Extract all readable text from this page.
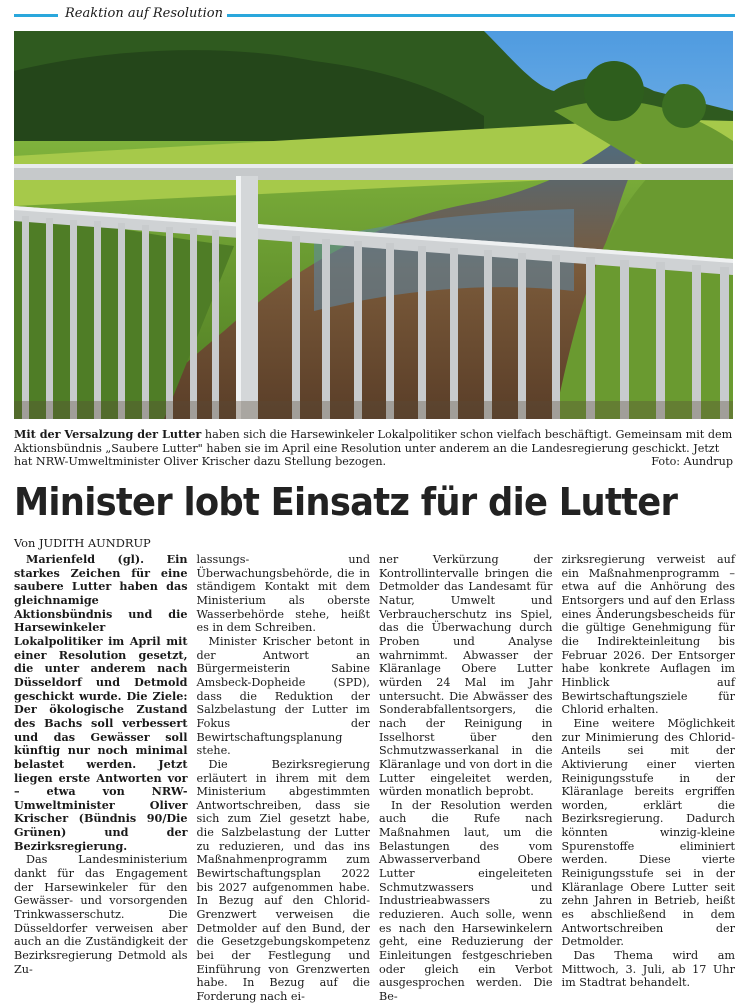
Reaktion auf Resolution
Mit der Versalzung der Lutter haben sich die Harsewinkeler Lokalpolitiker schon vielfach beschäftigt. Gemeinsam mit dem Aktionsbündnis „Saubere Lutter" haben sie im April eine Resolution unter anderem an die Landesregierung geschickt. Jetzt hat NRW-Umweltminister Oliver Krischer dazu Stellung bezogen.	Foto: Aundrup
Minister lobt Einsatz für die Lutter
Von JUDITH AUNDRUP

Marienfeld (gl). Ein starkes Zeichen für eine saubere Lutter haben das gleichnamige Aktionsbündnis und die Harsewinkeler Lokalpolitiker im April mit einer Resolution gesetzt, die unter anderem nach Düsseldorf und Detmold geschickt wurde. Die Ziele: Der ökologische Zustand des Bachs soll verbessert und das Gewässer soll künftig nur noch minimal belastet werden. Jetzt liegen erste Antworten vor – etwa von NRW-Umweltminister Oliver Krischer (Bündnis 90/Die Grünen) und der Bezirksregierung.

Das Landesministerium dankt für das Engagement der Harsewinkeler für den Gewässer- und vorsorgenden Trinkwasserschutz. Die Düsseldorfer verweisen aber auch an die Zuständigkeit der Bezirksregierung Detmold als Zu-

lassungs- und Überwachungsbehörde, die in ständigem Kontakt mit dem Ministerium als oberste Wasserbehörde stehe, heißt es in dem Schreiben.

Minister Krischer betont in der Antwort an Bürgermeisterin Sabine Amsbeck-Dopheide (SPD), dass die Reduktion der Salzbelastung der Lutter im Fokus der Bewirtschaftungsplanung stehe.

Die Bezirksregierung erläutert in ihrem mit dem Ministerium abgestimmten Antwortschreiben, dass sie sich zum Ziel gesetzt habe, die Salzbelastung der Lutter zu reduzieren, und das ins Maßnahmenprogramm zum Bewirtschaftungsplan 2022 bis 2027 aufgenommen habe. In Bezug auf den Chlorid-Grenzwert verweisen die Detmolder auf den Bund, der die Gesetzgebungskompetenz bei der Festlegung und Einführung von Grenzwerten habe. In Bezug auf die Forderung nach ei-

ner Verkürzung der Kontrollintervalle bringen die Detmolder das Landesamt für Natur, Umwelt und Verbraucherschutz ins Spiel, das die Überwachung durch Proben und Analyse wahrnimmt. Abwasser der Kläranlage Obere Lutter würden 24 Mal im Jahr untersucht. Die Abwässer des Sonderabfallentsorgers, die nach der Reinigung in Isselhorst über den Schmutzwasserkanal in die Kläranlage und von dort in die Lutter eingeleitet werden, würden monatlich beprobt.

In der Resolution werden auch die Rufe nach Maßnahmen laut, um die Belastungen des vom Abwasserverband Obere Lutter eingeleiteten Schmutzwassers und Industrieabwassers zu reduzieren. Auch solle, wenn es nach den Harsewinkelern geht, eine Reduzierung der Einleitungen festgeschrieben oder gleich ein Verbot ausgesprochen werden. Die Be-

zirksregierung verweist auf ein Maßnahmenprogramm – etwa auf die Anhörung des Entsorgers und auf den Erlass eines Änderungsbescheids für die gültige Genehmigung für die Indirekteinleitung bis Februar 2026. Der Entsorger habe konkrete Auflagen im Hinblick auf Bewirtschaftungsziele für Chlorid erhalten.

Eine weitere Möglichkeit zur Minimierung des Chlorid-Anteils sei mit der Aktivierung einer vierten Reinigungsstufe in der Kläranlage bereits ergriffen worden, erklärt die Bezirksregierung. Dadurch könnten winzig-kleine Spurenstoffe eliminiert werden. Diese vierte Reinigungsstufe sei in der Kläranlage Obere Lutter seit zehn Jahren in Betrieb, heißt es abschließend in dem Antwortschreiben der Detmolder.

Das Thema wird am Mittwoch, 3. Juli, ab 17 Uhr im Stadtrat behandelt.
